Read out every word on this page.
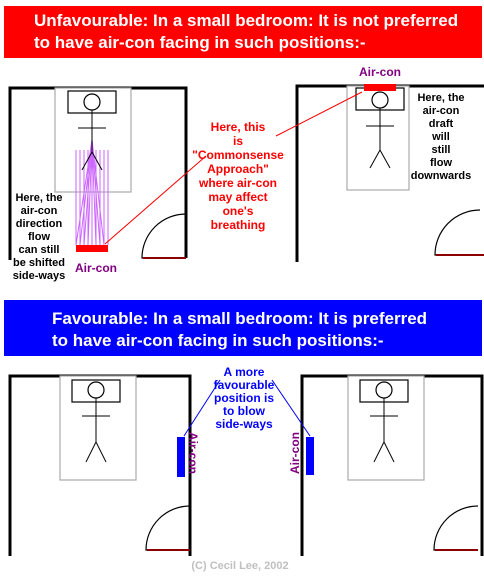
Unfavourable: In a small bedroom: It is not preferred
to have air-con facing in such positions:-
Favourable: In a small bedroom: It is preferred
to have air-con facing in such positions:-
Here, the
air-con
direction
flow
can still
be shifted
side-ways
Air-con
Here, this
is
"Commonsense
Approach"
where air-con
may affect
one's
breathing
Air-con
Here, the
air-con
draft
will
still
flow
downwards
A more
favourable
position is
to blow
side-ways
Air-con	Air-con
(C) Cecil Lee, 2002
